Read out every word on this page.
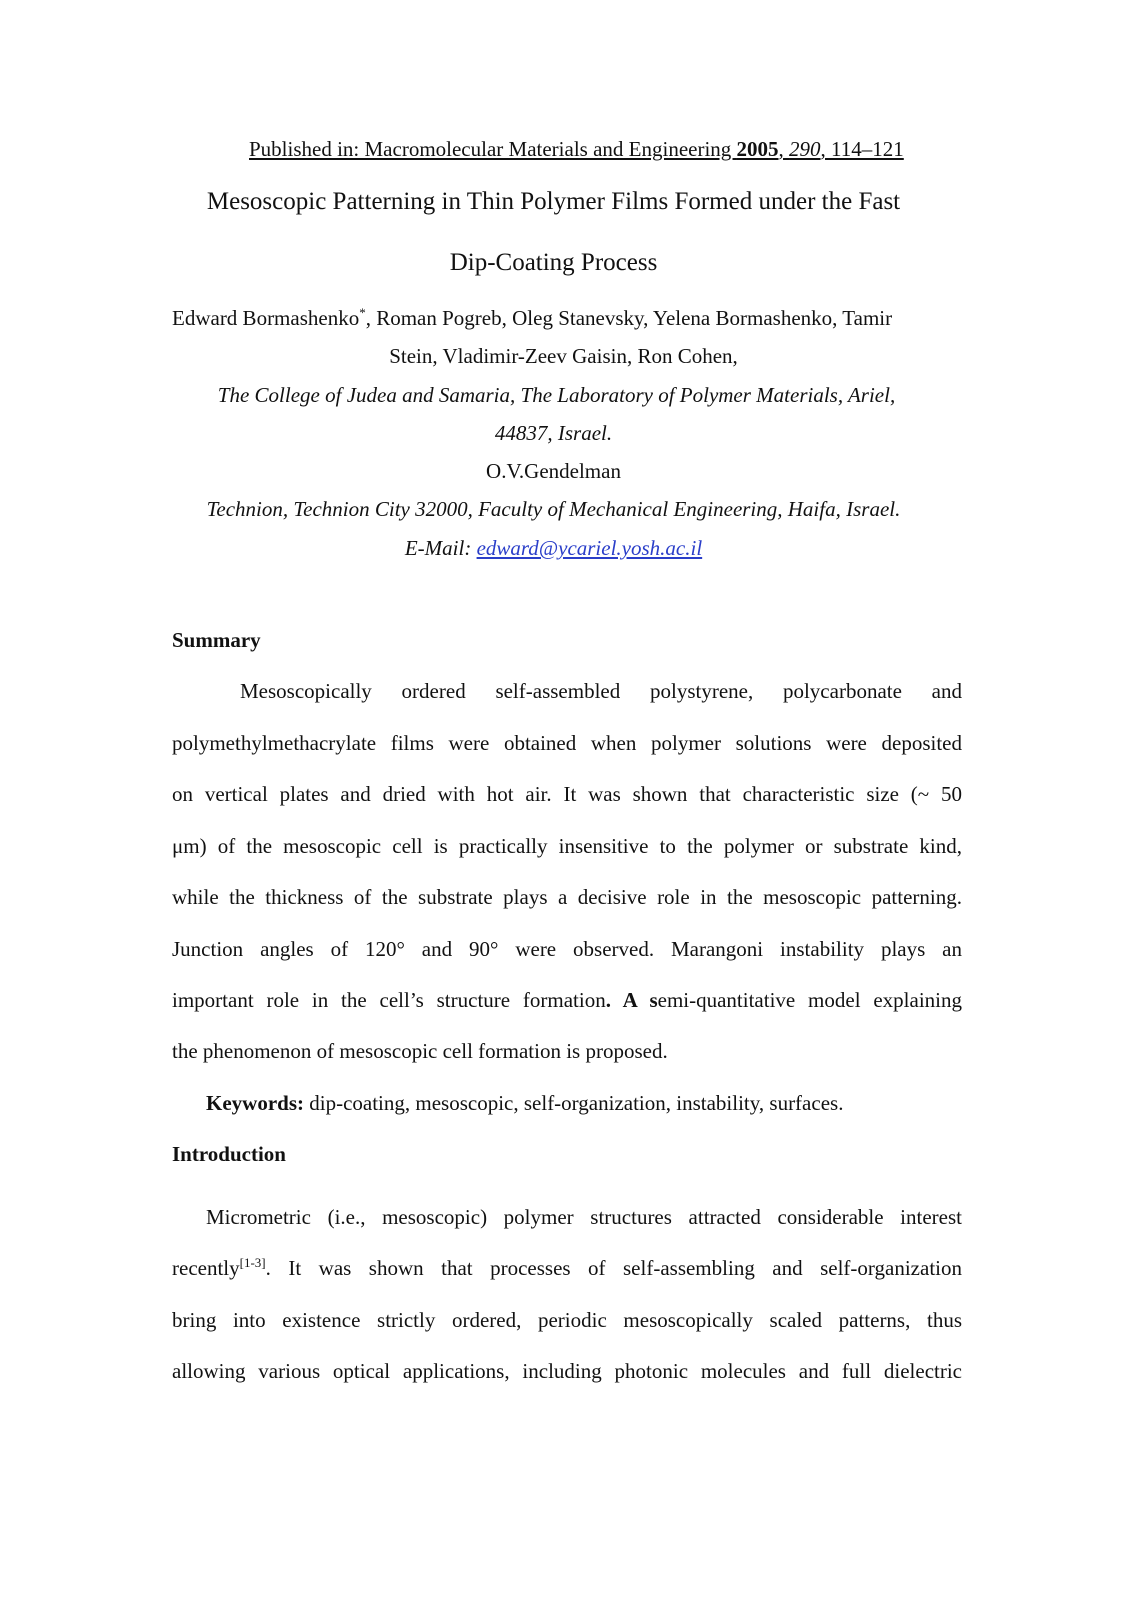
Published in: Macromolecular Materials and Engineering 2005, 290, 114–121
Mesoscopic Patterning in Thin Polymer Films Formed under the Fast
Dip-Coating Process
Edward Bormashenko*, Roman Pogreb, Oleg Stanevsky, Yelena Bormashenko, Tamir
Stein, Vladimir-Zeev Gaisin, Ron Cohen,
The College of Judea and Samaria, The Laboratory of Polymer Materials, Ariel,
44837, Israel.
O.V.Gendelman
Technion, Technion City 32000, Faculty of Mechanical Engineering, Haifa, Israel.
E-Mail: edward@ycariel.yosh.ac.il
Summary
Mesoscopically ordered self-assembled polystyrene, polycarbonate and
polymethylmethacrylate films were obtained when polymer solutions were deposited
on vertical plates and dried with hot air. It was shown that characteristic size (~ 50
μm) of the mesoscopic cell is practically insensitive to the polymer or substrate kind,
while the thickness of the substrate plays a decisive role in the mesoscopic patterning.
Junction angles of 120° and 90° were observed. Marangoni instability plays an
important role in the cell’s structure formation. A semi-quantitative model explaining
the phenomenon of mesoscopic cell formation is proposed.
Keywords: dip-coating, mesoscopic, self-organization, instability, surfaces.
Introduction
Micrometric (i.e., mesoscopic) polymer structures attracted considerable interest
recently[1-3]. It was shown that processes of self-assembling and self-organization
bring into existence strictly ordered, periodic mesoscopically scaled patterns, thus
allowing various optical applications, including photonic molecules and full dielectric
